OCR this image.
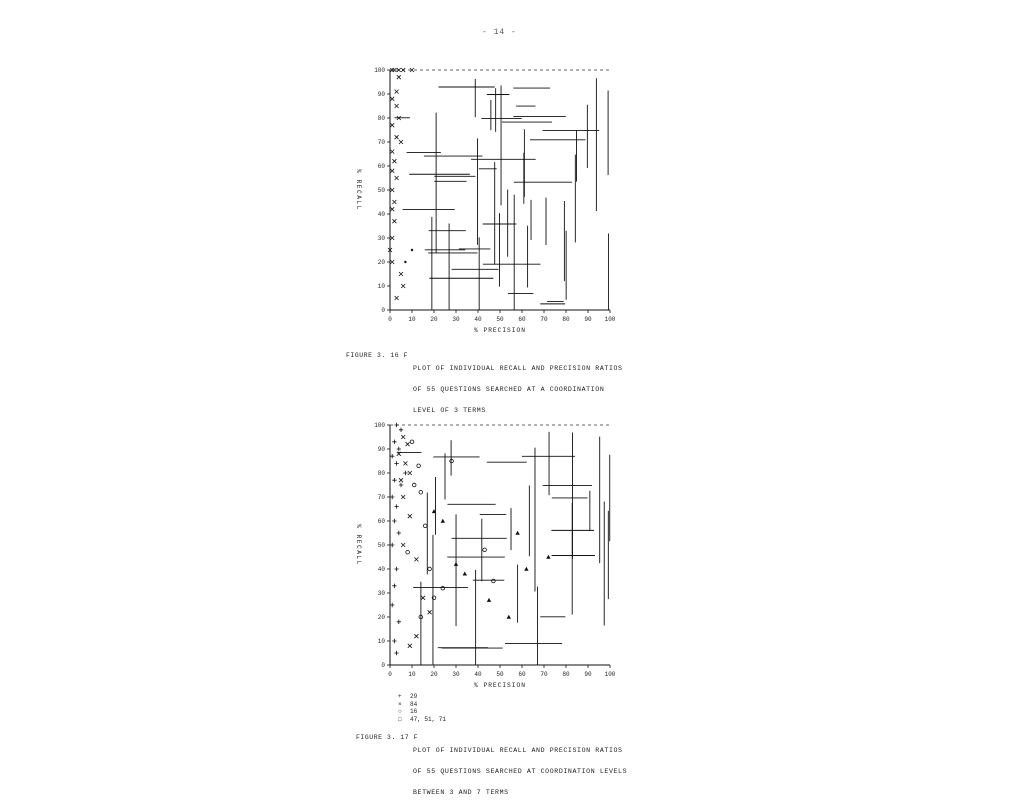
- 14 -
0
10
20
30
40
50
60
70
80
90
100
0	10 20 30 40 50 60 70 80 90 100
% PRECISION
% RECALL
FIGURE 3. 16 F

PLOT OF INDIVIDUAL RECALL AND PRECISION RATIOS

OF 55 QUESTIONS SEARCHED AT A COORDINATION

LEVEL OF 3 TERMS

0
10
20
30
40
50
60
70
80
90
100
0	10 20 30 40 50 60 70 80 90 100
% PRECISION
% RECALL
+ 29
× 84
○ 16
□ 47, 51, 71
FIGURE 3. 17 F

PLOT OF INDIVIDUAL RECALL AND PRECISION RATIOS

OF 55 QUESTIONS SEARCHED AT COORDINATION LEVELS

BETWEEN 3 AND 7 TERMS
